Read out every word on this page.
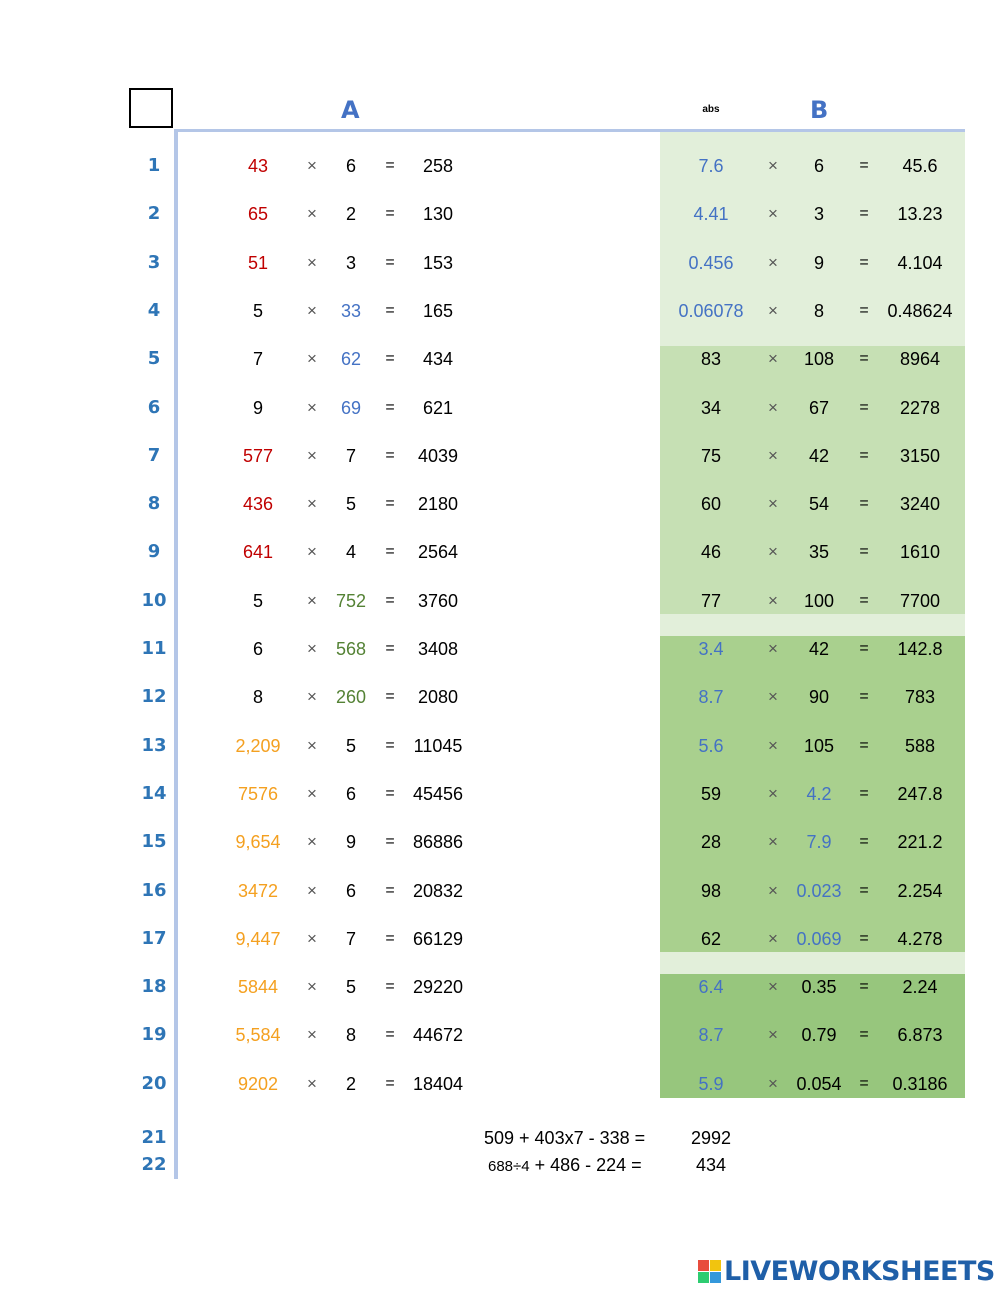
A	abs	B
1	43	×	6	=	258	7.6	×	6	=	45.6
2	65	×	2	=	130	4.41	×	3	=	13.23
3	51	×	3	=	153	0.456	×	9	=	4.104
4	5	×	33	=	165	0.06078	×	8	=	0.48624
5	7	×	62	=	434	83	×	108	=	8964
6	9	×	69	=	621	34	×	67	=	2278
7	577	×	7	=	4039	75	×	42	=	3150
8	436	×	5	=	2180	60	×	54	=	3240
9	641	×	4	=	2564	46	×	35	=	1610
10	5	×	752	=	3760	77	×	100	=	7700
11	6	×	568	=	3408	3.4	×	42	=	142.8
12	8	×	260	=	2080	8.7	×	90	=	783
13	2,209	×	5	=	11045	5.6	×	105	=	588
14	7576	×	6	=	45456	59	×	4.2	=	247.8
15	9,654	×	9	=	86886	28	×	7.9	=	221.2
16	3472	×	6	=	20832	98	×	0.023	=	2.254
17	9,447	×	7	=	66129	62	×	0.069	=	4.278
18	5844	×	5	=	29220	6.4	×	0.35	=	2.24
19	5,584	×	8	=	44672	8.7	×	0.79	=	6.873
20	9202	×	2	=	18404	5.9	×	0.054	=	0.3186
21	509 + 403x7 - 338 =	2992
22	688÷4 + 486 - 224 =	434
LIVEWORKSHEETS
